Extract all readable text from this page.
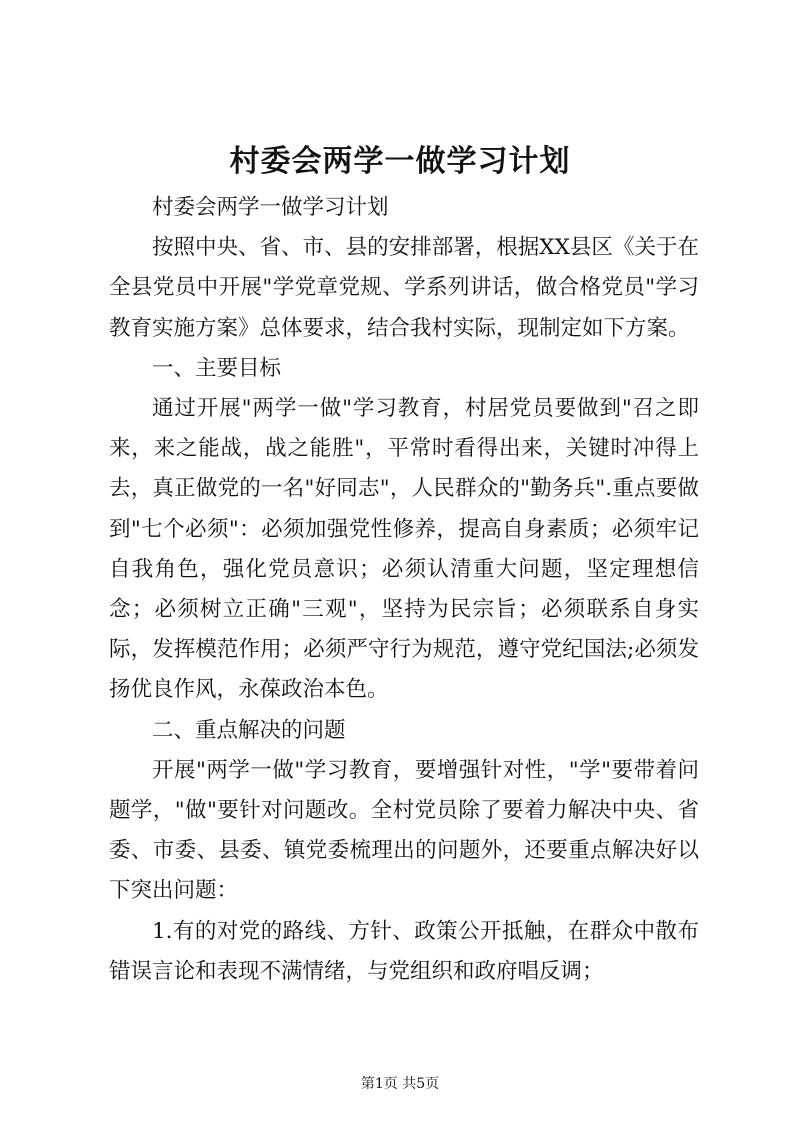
村委会两学一做学习计划

村委会两学一做学习计划

按照中央、省、市、县的安排部署，根据XX县区《关于在全县党员中开展"学党章党规、学系列讲话，做合格党员"学习教育实施方案》总体要求，结合我村实际，现制定如下方案。

一、主要目标

通过开展"两学一做"学习教育，村居党员要做到"召之即来，来之能战，战之能胜"，平常时看得出来，关键时冲得上去，真正做党的一名"好同志"，人民群众的"勤务兵".重点要做到"七个必须"：必须加强党性修养，提高自身素质；必须牢记自我角色，强化党员意识；必须认清重大问题，坚定理想信念；必须树立正确"三观"，坚持为民宗旨；必须联系自身实际，发挥模范作用；必须严守行为规范，遵守党纪国法;必须发扬优良作风，永葆政治本色。

二、重点解决的问题

开展"两学一做"学习教育，要增强针对性，"学"要带着问题学，"做"要针对问题改。全村党员除了要着力解决中央、省委、市委、县委、镇党委梳理出的问题外，还要重点解决好以下突出问题：

1.有的对党的路线、方针、政策公开抵触，在群众中散布错误言论和表现不满情绪，与党组织和政府唱反调；

第1页 共5页
